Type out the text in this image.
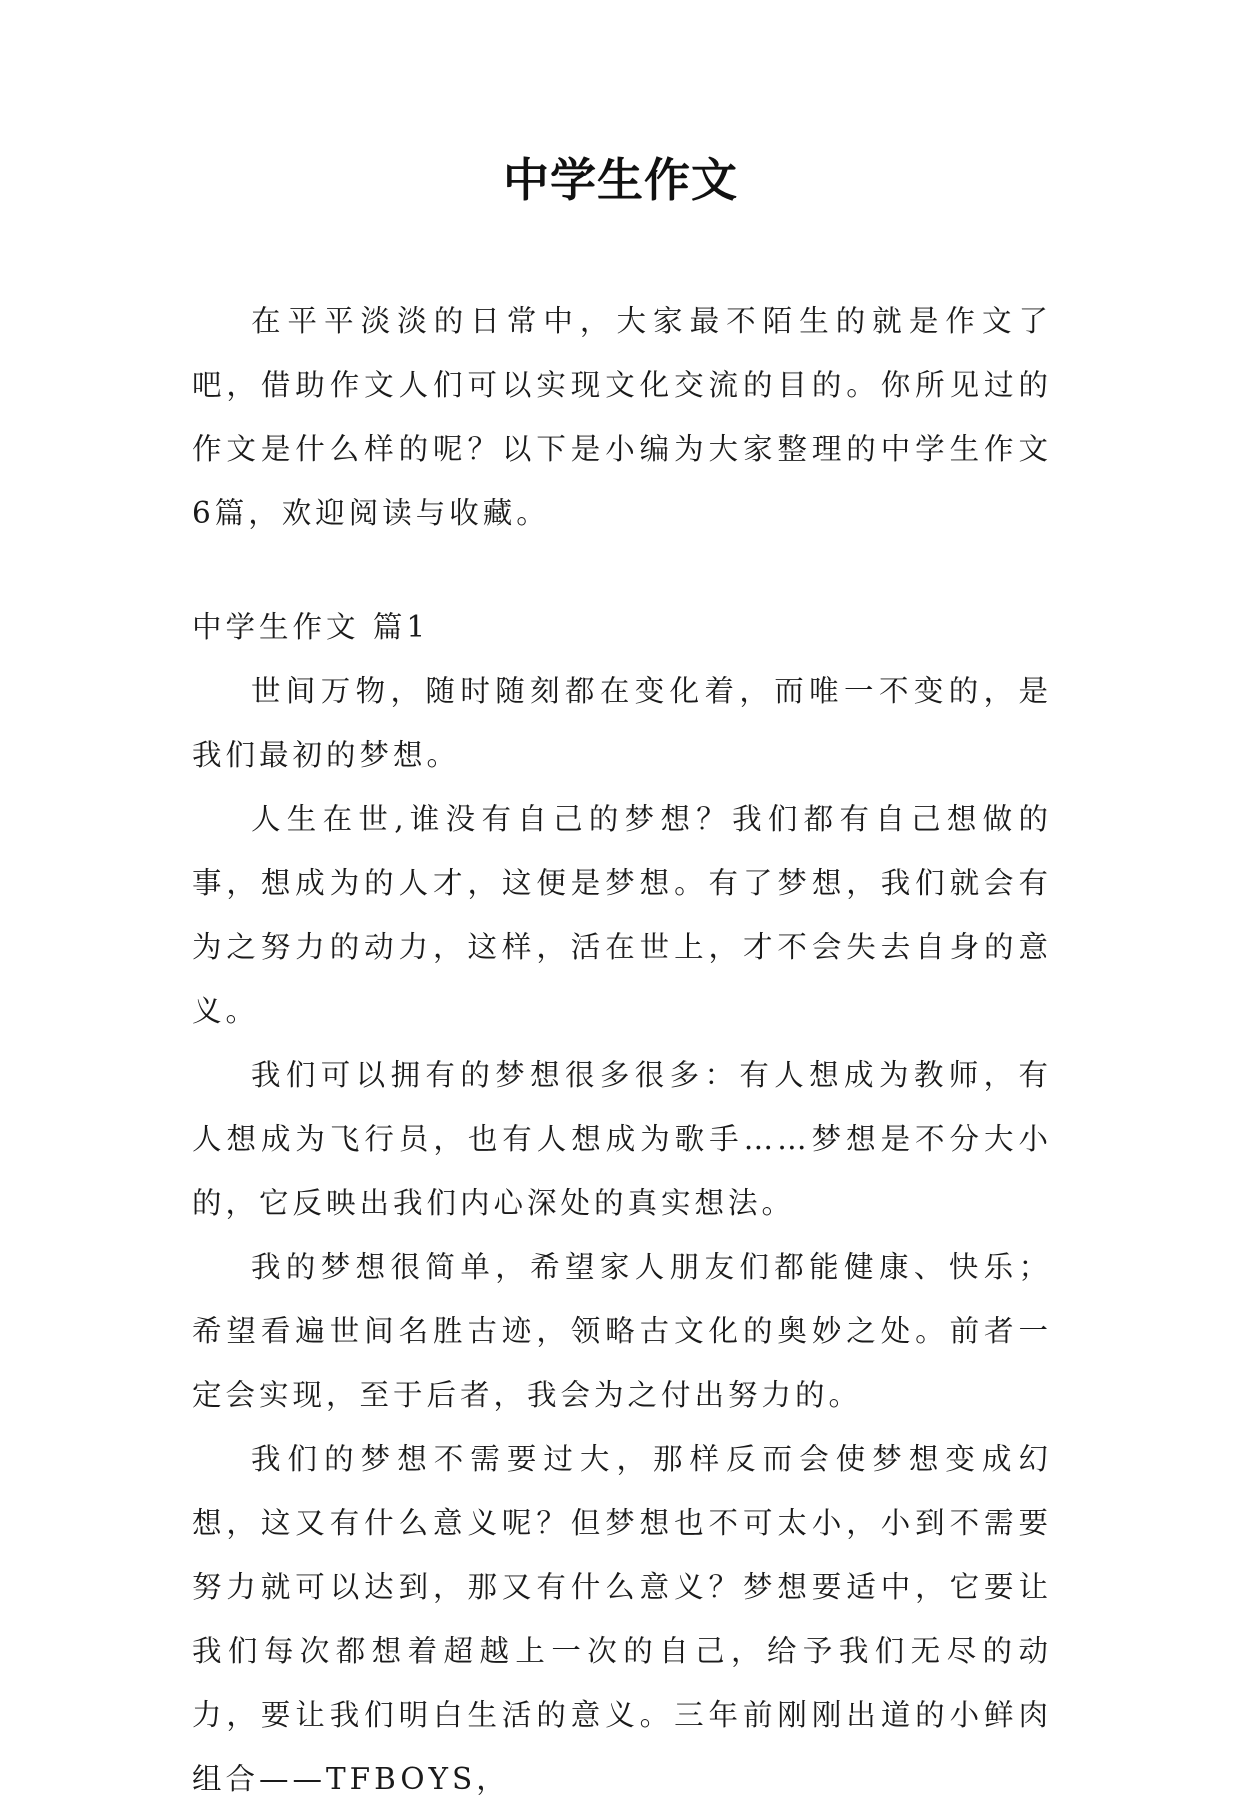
中学生作文

在平平淡淡的日常中，大家最不陌生的就是作文了吧，借助作文人们可以实现文化交流的目的。你所见过的作文是什么样的呢？以下是小编为大家整理的中学生作文6篇，欢迎阅读与收藏。

中学生作文 篇1

世间万物，随时随刻都在变化着，而唯一不变的，是我们最初的梦想。

人生在世,谁没有自己的梦想？我们都有自己想做的事，想成为的人才，这便是梦想。有了梦想，我们就会有为之努力的动力，这样，活在世上，才不会失去自身的意义。

我们可以拥有的梦想很多很多：有人想成为教师，有人想成为飞行员，也有人想成为歌手……梦想是不分大小的，它反映出我们内心深处的真实想法。

我的梦想很简单，希望家人朋友们都能健康、快乐；希望看遍世间名胜古迹，领略古文化的奥妙之处。前者一定会实现，至于后者，我会为之付出努力的。

我们的梦想不需要过大，那样反而会使梦想变成幻想，这又有什么意义呢？但梦想也不可太小，小到不需要努力就可以达到，那又有什么意义？梦想要适中，它要让我们每次都想着超越上一次的自己，给予我们无尽的动力，要让我们明白生活的意义。三年前刚刚出道的小鲜肉组合——TFBOYS，
